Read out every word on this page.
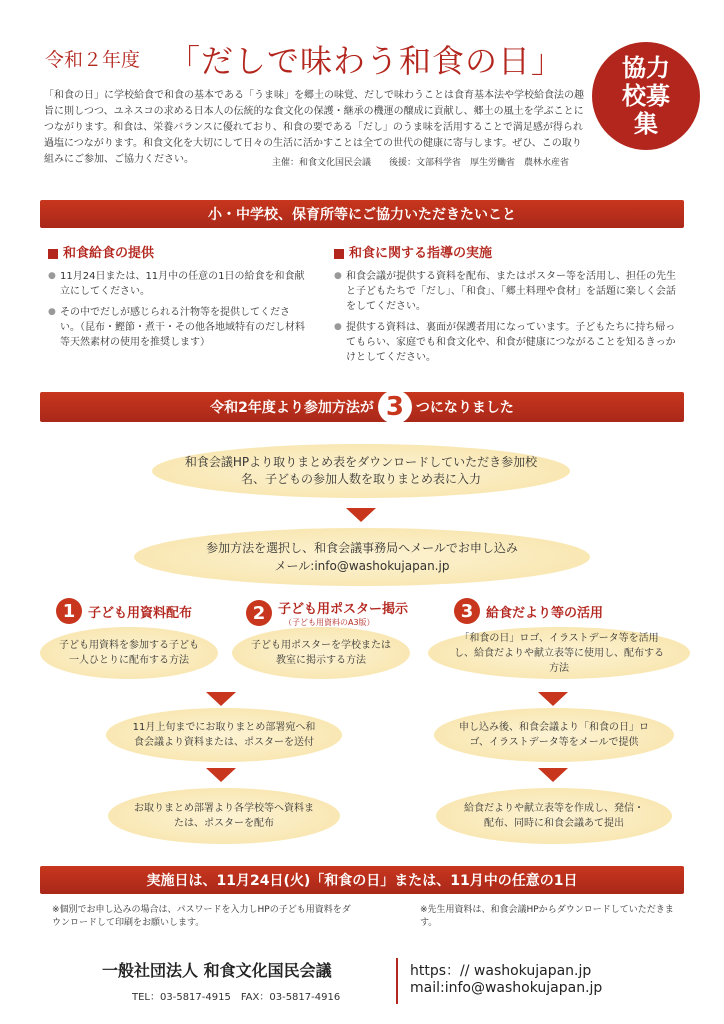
令和２年度 「だしで味わう和食の日」 協力校募集
「和食の日」に学校給食で和食の基本である「うま味」を郷土の味覚、だしで味わうことは食育基本法や学校給食法の趣旨に則しつつ、ユネスコの求める日本人の伝統的な食文化の保護・継承の機運の醸成に貢献し、郷土の風土を学ぶことにつながります。和食は、栄養バランスに優れており、和食の要である「だし」のうま味を活用することで満足感が得られ過塩につながります。和食文化を大切にして日々の生活に活かすことは全ての世代の健康に寄与します。ぜひ、この取り組みにご参加、ご協力ください。	主催：和食文化国民会議　　後援：文部科学省　厚生労働省　農林水産省
小・中学校、保育所等にご協力いただきたいこと
和食給食の提供
● 11月24日または、11月中の任意の1日の給食を和食献立にしてください。
● その中でだしが感じられる汁物等を提供してください。（昆布・鰹節・煮干・その他各地域特有のだし材料等天然素材の使用を推奨します）
和食に関する指導の実施
● 和食会議が提供する資料を配布、またはポスター等を活用し、担任の先生と子どもたちで「だし」、「和食」、「郷土料理や食材」を話題に楽しく会話をしてください。
● 提供する資料は、裏面が保護者用になっています。子どもたちに持ち帰ってもらい、家庭でも和食文化や、和食が健康につながることを知るきっかけとしてください。
令和2年度より参加方法が 3 つになりました
和食会議HPより取りまとめ表をダウンロードしていただき参加校名、子どもの参加人数を取りまとめ表に入力
参加方法を選択し、和食会議事務局へメールでお申し込み
メール:info@washokujapan.jp
1 子ども用資料配布	2 子ども用ポスター掲示
（子ども用資料のA3版）
3 給食だより等の活用
子ども用資料を参加する子ども一人ひとりに配布する方法
子ども用ポスターを学校または教室に掲示する方法
「和食の日」ロゴ、イラストデータ等を活用し、給食だよりや献立表等に使用し、配布する方法
11月上旬までにお取りまとめ部署宛へ和食会議より資料または、ポスターを送付
お取りまとめ部署より各学校等へ資料または、ポスターを配布
申し込み後、和食会議より「和食の日」ロゴ、イラストデータ等をメールで提供
給食だよりや献立表等を作成し、発信・配布、同時に和食会議あて提出
実施日は、11月24日(火)「和食の日」または、11月中の任意の1日
※個別でお申し込みの場合は、パスワードを入力しHPの子ども用資料をダウンロードして印刷をお願いします。
※先生用資料は、和食会議HPからダウンロードしていただきます。
一般社団法人 和食文化国民会議
TEL：03-5817-4915　FAX：03-5817-4916
https：// washokujapan.jp
mail:info@washokujapan.jp
